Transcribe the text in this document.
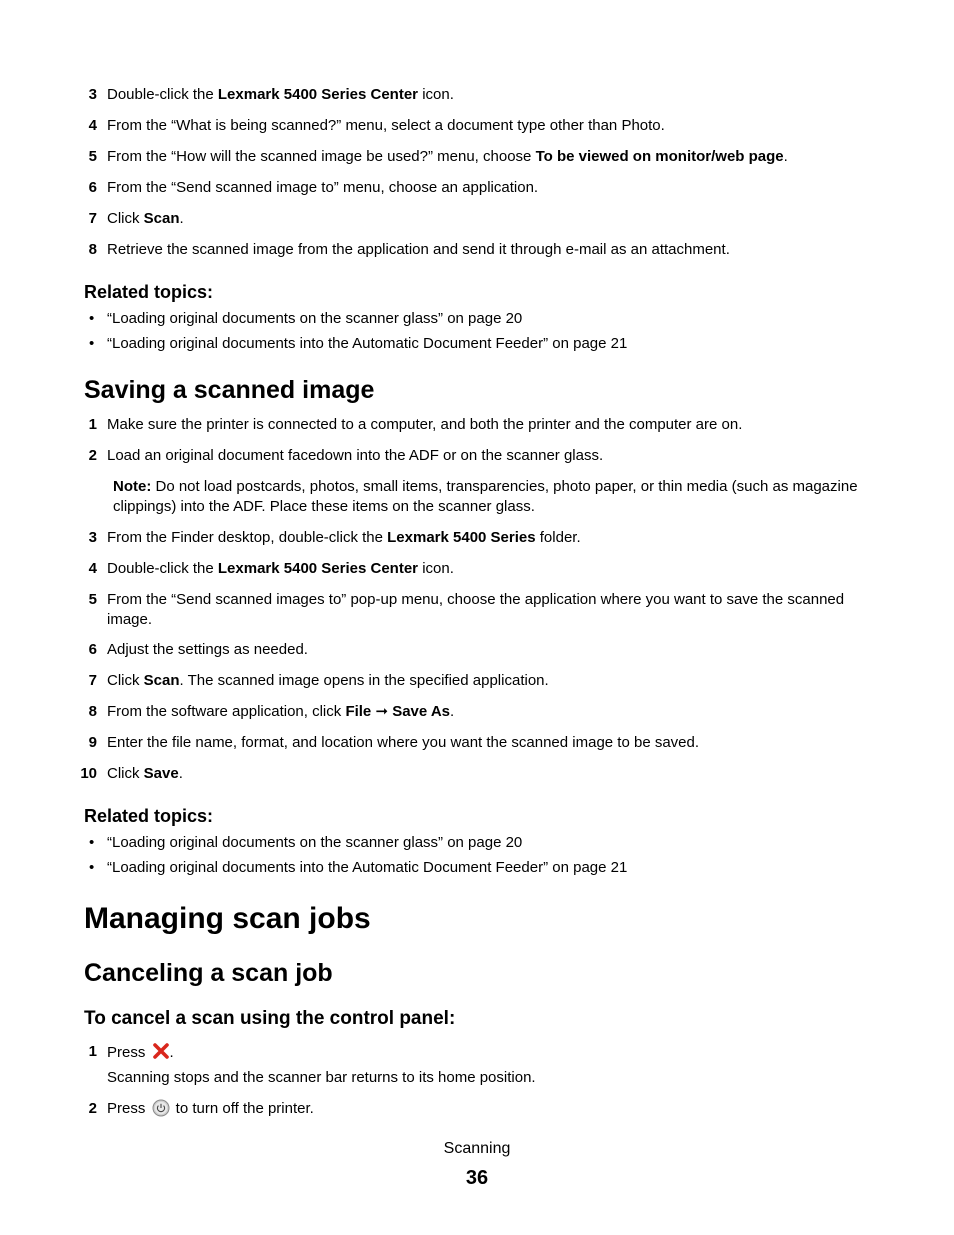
3 Double-click the Lexmark 5400 Series Center icon.
4 From the “What is being scanned?” menu, select a document type other than Photo.
5 From the “How will the scanned image be used?” menu, choose To be viewed on monitor/web page.
6 From the “Send scanned image to” menu, choose an application.
7 Click Scan.
8 Retrieve the scanned image from the application and send it through e-mail as an attachment.
Related topics:
• “Loading original documents on the scanner glass” on page 20
• “Loading original documents into the Automatic Document Feeder” on page 21
Saving a scanned image
1 Make sure the printer is connected to a computer, and both the printer and the computer are on.
2 Load an original document facedown into the ADF or on the scanner glass.
Note: Do not load postcards, photos, small items, transparencies, photo paper, or thin media (such as magazine clippings) into the ADF. Place these items on the scanner glass.
3 From the Finder desktop, double-click the Lexmark 5400 Series folder.
4 Double-click the Lexmark 5400 Series Center icon.
5 From the “Send scanned images to” pop-up menu, choose the application where you want to save the scanned image.
6 Adjust the settings as needed.
7 Click Scan. The scanned image opens in the specified application.
8 From the software application, click File ➞ Save As.
9 Enter the file name, format, and location where you want the scanned image to be saved.
10 Click Save.
Related topics:
• “Loading original documents on the scanner glass” on page 20
• “Loading original documents into the Automatic Document Feeder” on page 21
Managing scan jobs
Canceling a scan job
To cancel a scan using the control panel:
1 Press .
Scanning stops and the scanner bar returns to its home position.
2 Press  to turn off the printer.
Scanning
36
